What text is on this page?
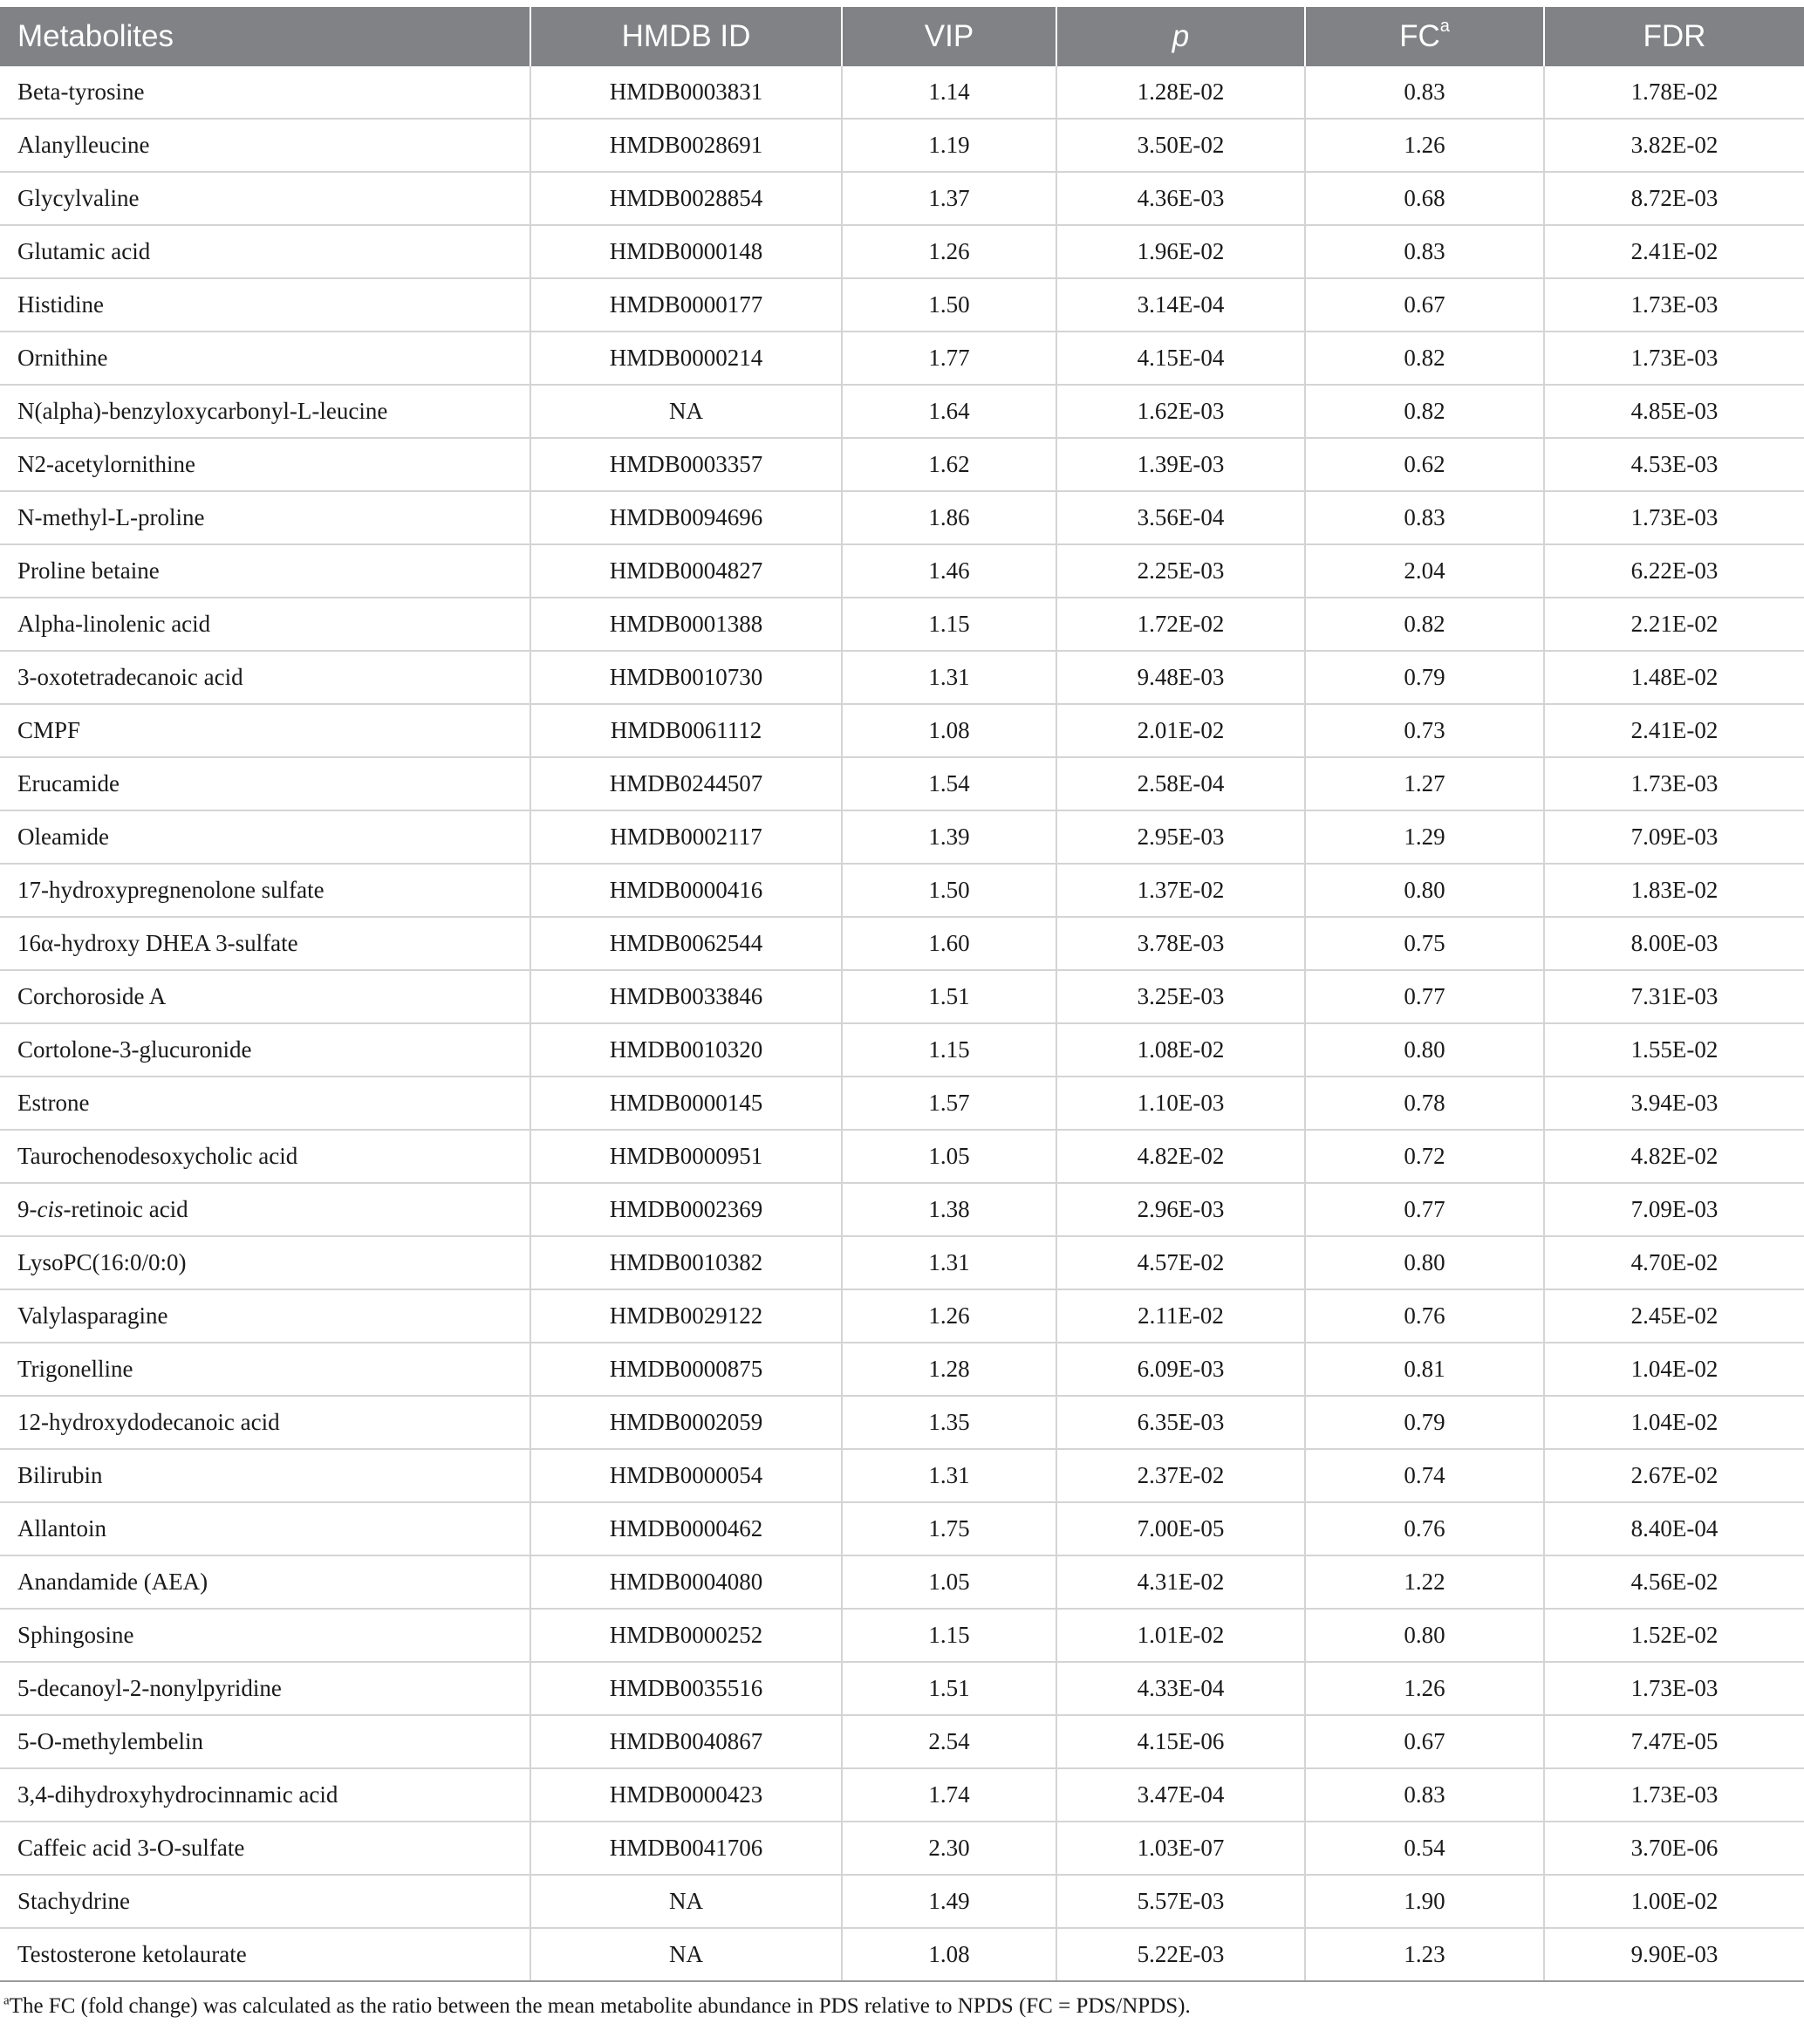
Metabolites	HMDB ID	VIP	p	$FC^a$	FDR
Beta-tyrosine	HMDB0003831	1.14	1.28E-02	0.83	1.78E-02
Alanylleucine	HMDB0028691	1.19	3.50E-02	1.26	3.82E-02
Glycylvaline	HMDB0028854	1.37	4.36E-03	0.68	8.72E-03
Glutamic acid	HMDB0000148	1.26	1.96E-02	0.83	2.41E-02
Histidine	HMDB0000177	1.50	3.14E-04	0.67	1.73E-03
Ornithine	HMDB0000214	1.77	4.15E-04	0.82	1.73E-03
N(alpha)-benzyloxycarbonyl-L-leucine	NA	1.64	1.62E-03	0.82	4.85E-03
N2-acetylornithine	HMDB0003357	1.62	1.39E-03	0.62	4.53E-03
N-methyl-L-proline	HMDB0094696	1.86	3.56E-04	0.83	1.73E-03
Proline betaine	HMDB0004827	1.46	2.25E-03	2.04	6.22E-03
Alpha-linolenic acid	HMDB0001388	1.15	1.72E-02	0.82	2.21E-02
3-oxotetradecanoic acid	HMDB0010730	1.31	9.48E-03	0.79	1.48E-02
CMPF	HMDB0061112	1.08	2.01E-02	0.73	2.41E-02
Erucamide	HMDB0244507	1.54	2.58E-04	1.27	1.73E-03
Oleamide	HMDB0002117	1.39	2.95E-03	1.29	7.09E-03
17-hydroxypregnenolone sulfate	HMDB0000416	1.50	1.37E-02	0.80	1.83E-02
16α-hydroxy DHEA 3-sulfate	HMDB0062544	1.60	3.78E-03	0.75	8.00E-03
Corchoroside A	HMDB0033846	1.51	3.25E-03	0.77	7.31E-03
Cortolone-3-glucuronide	HMDB0010320	1.15	1.08E-02	0.80	1.55E-02
Estrone	HMDB0000145	1.57	1.10E-03	0.78	3.94E-03
Taurochenodesoxycholic acid	HMDB0000951	1.05	4.82E-02	0.72	4.82E-02
9-cis-retinoic acid	HMDB0002369	1.38	2.96E-03	0.77	7.09E-03
LysoPC(16:0/0:0)	HMDB0010382	1.31	4.57E-02	0.80	4.70E-02
Valylasparagine	HMDB0029122	1.26	2.11E-02	0.76	2.45E-02
Trigonelline	HMDB0000875	1.28	6.09E-03	0.81	1.04E-02
12-hydroxydodecanoic acid	HMDB0002059	1.35	6.35E-03	0.79	1.04E-02
Bilirubin	HMDB0000054	1.31	2.37E-02	0.74	2.67E-02
Allantoin	HMDB0000462	1.75	7.00E-05	0.76	8.40E-04
Anandamide (AEA)	HMDB0004080	1.05	4.31E-02	1.22	4.56E-02
Sphingosine	HMDB0000252	1.15	1.01E-02	0.80	1.52E-02
5-decanoyl-2-nonylpyridine	HMDB0035516	1.51	4.33E-04	1.26	1.73E-03
5-O-methylembelin	HMDB0040867	2.54	4.15E-06	0.67	7.47E-05
3,4-dihydroxyhydrocinnamic acid	HMDB0000423	1.74	3.47E-04	0.83	1.73E-03
Caffeic acid 3-O-sulfate	HMDB0041706	2.30	1.03E-07	0.54	3.70E-06
Stachydrine	NA	1.49	5.57E-03	1.90	1.00E-02
Testosterone ketolaurate	NA	1.08	5.22E-03	1.23	9.90E-03
$^a$The FC (fold change) was calculated as the ratio between the mean metabolite abundance in PDS relative to NPDS (FC = PDS/NPDS).
